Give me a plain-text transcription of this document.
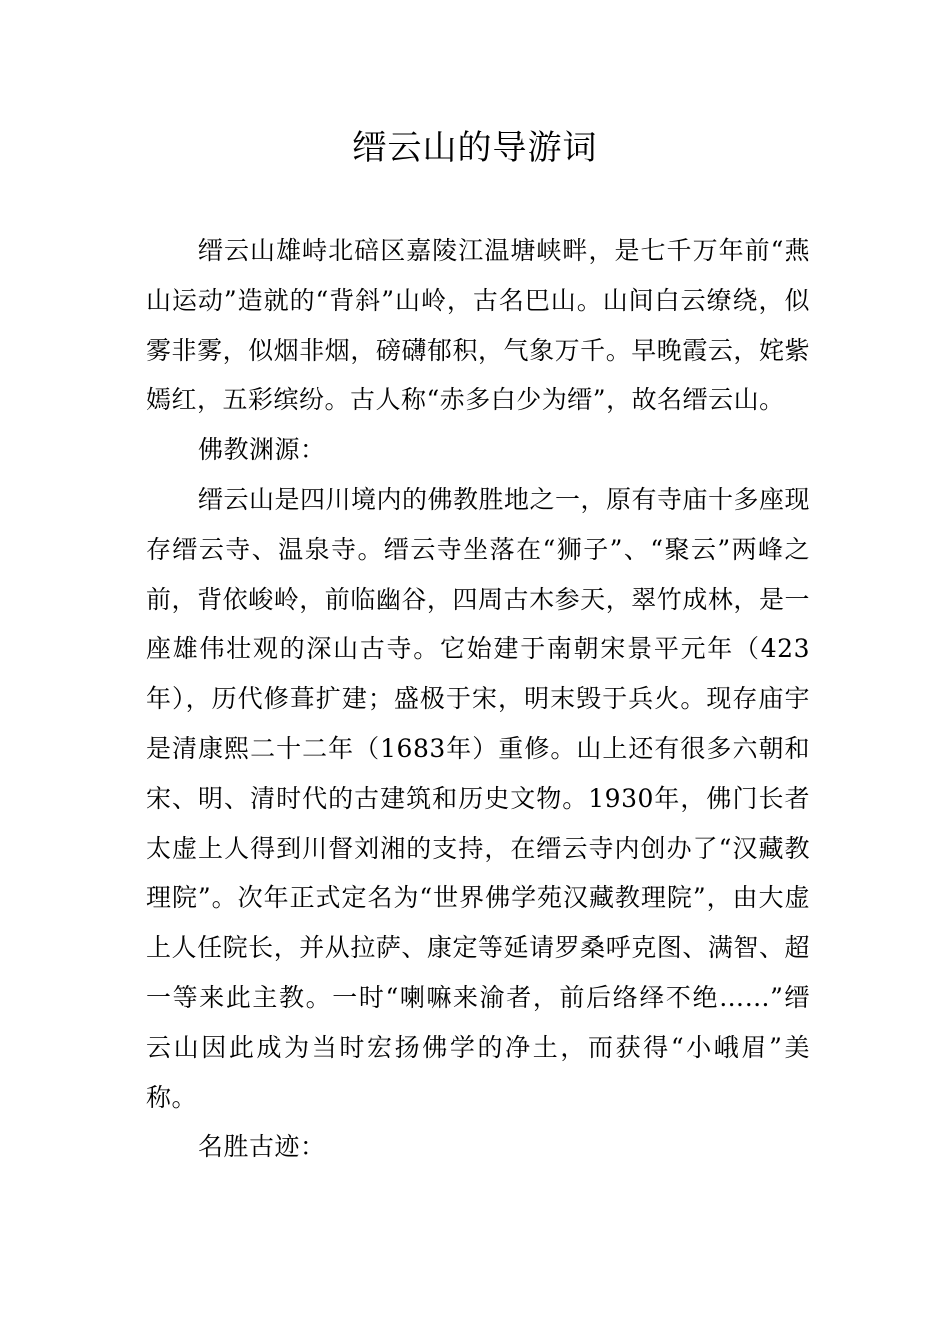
缙云山的导游词

缙云山雄峙北碚区嘉陵江温塘峡畔，是七千万年前“燕山运动”造就的“背斜”山岭，古名巴山。山间白云缭绕，似雾非雾，似烟非烟，磅礴郁积，气象万千。早晚霞云，姹紫嫣红，五彩缤纷。古人称“赤多白少为缙”，故名缙云山。

佛教渊源：

缙云山是四川境内的佛教胜地之一，原有寺庙十多座现存缙云寺、温泉寺。缙云寺坐落在“狮子”、“聚云”两峰之前，背依峻岭，前临幽谷，四周古木参天，翠竹成林，是一座雄伟壮观的深山古寺。它始建于南朝宋景平元年（423年），历代修葺扩建；盛极于宋，明末毁于兵火。现存庙宇是清康熙二十二年（1683年）重修。山上还有很多六朝和宋、明、清时代的古建筑和历史文物。1930年，佛门长者太虚上人得到川督刘湘的支持，在缙云寺内创办了“汉藏教理院”。次年正式定名为“世界佛学苑汉藏教理院”，由大虚上人任院长，并从拉萨、康定等延请罗桑呼克图、满智、超一等来此主教。一时“喇嘛来渝者，前后络绎不绝……”缙云山因此成为当时宏扬佛学的净土，而获得“小峨眉”美称。

名胜古迹：
